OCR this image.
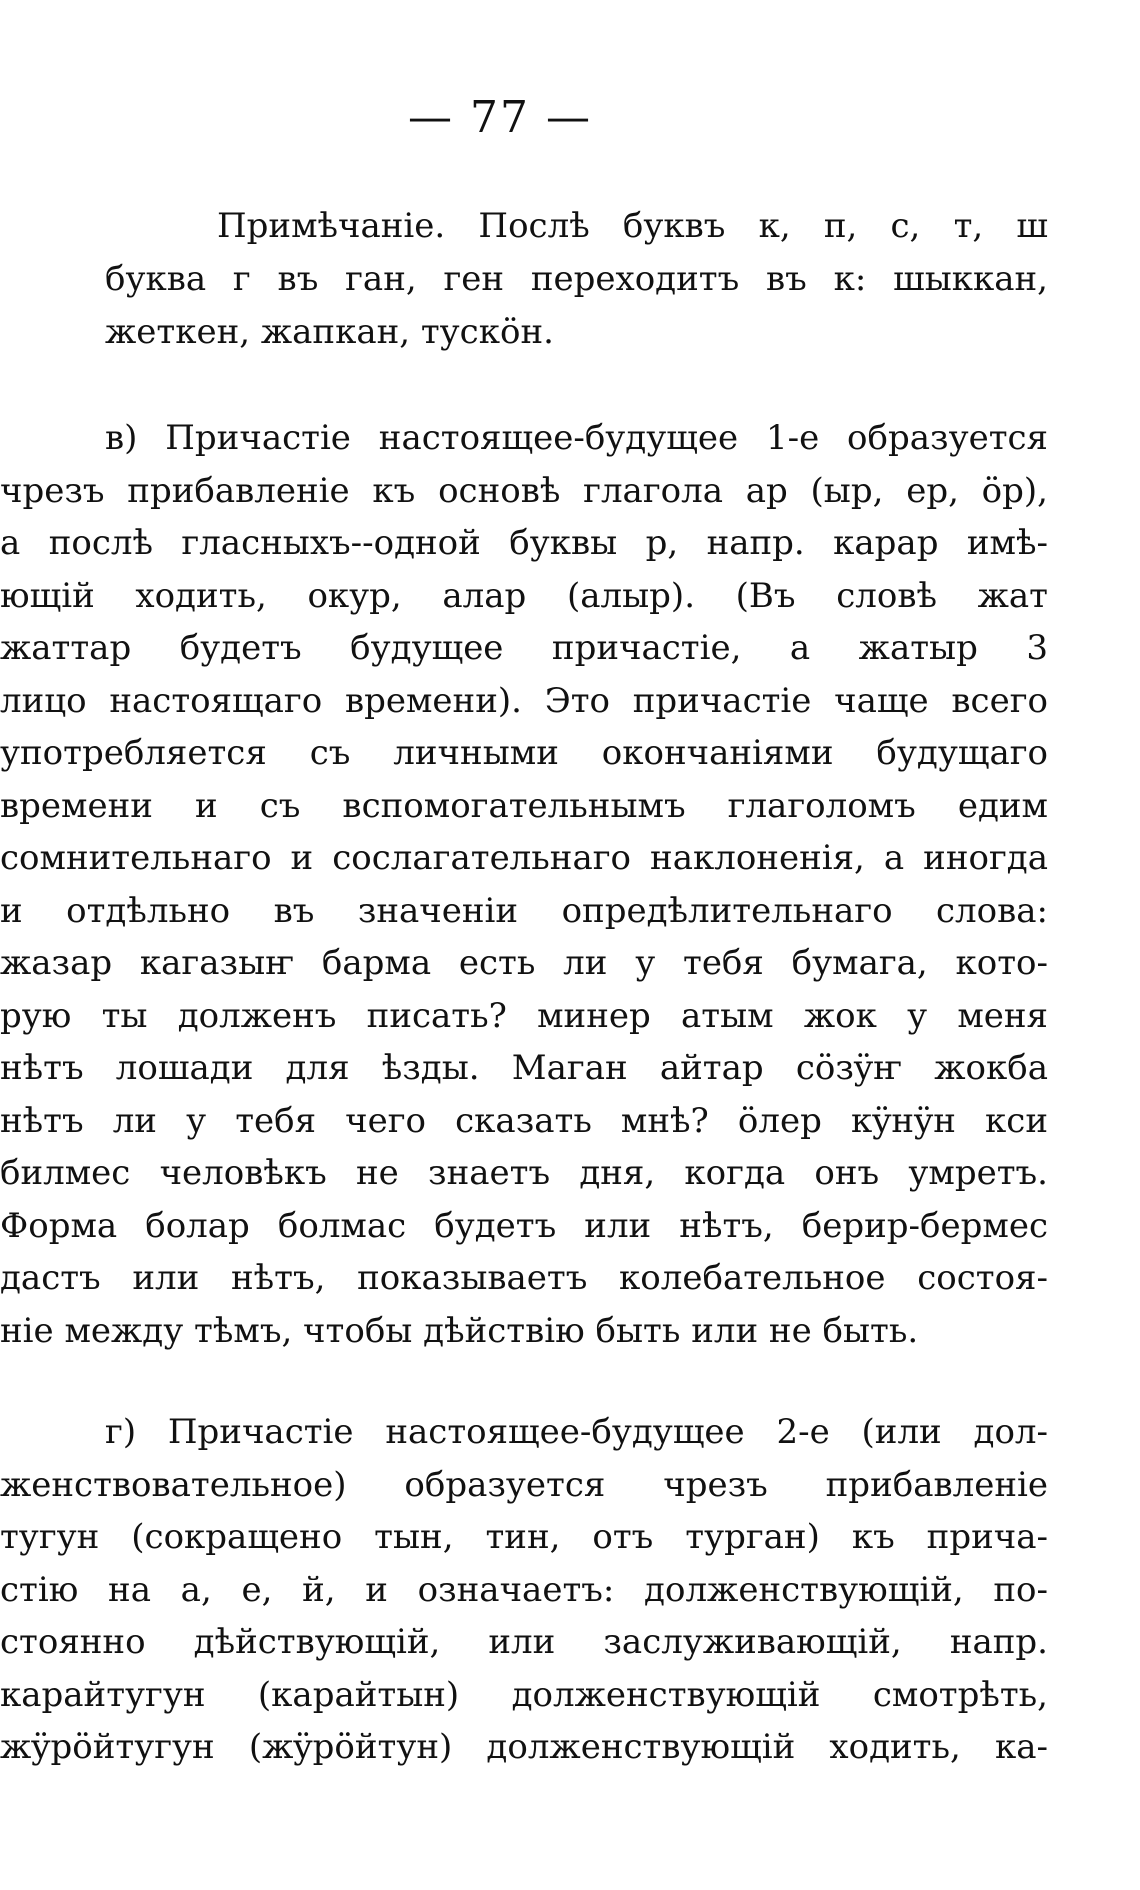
— 77 —
Примѣчаніе. Послѣ буквъ к, п, с, т, ш
буква г въ ган, ген переходитъ въ к: шыккан,
жеткен, жапкан, тускöн.
в) Причастіе настоящее-будущее 1-е образуется
чрезъ прибавленіе къ основѣ глагола ар (ыр, ер, öр),
а послѣ гласныхъ--одной буквы р, напр. карар имѣ-
ющій ходить, окур, алар (алыр). (Въ словѣ жат
жаттар будетъ будущее причастіе, а жатыр 3
лицо настоящаго времени). Это причастіе чаще всего
употребляется съ личными окончаніями будущаго
времени и съ вспомогательнымъ глаголомъ едим
сомнительнаго и сослагательнаго наклоненія, а иногда
и отдѣльно въ значеніи опредѣлительнаго слова:
жазар кагазыҥ барма есть ли у тебя бумага, кото-
рую ты долженъ писать? минер атым жок у меня
нѣтъ лошади для ѣзды. Маган айтар сöзÿҥ жокба
нѣтъ ли у тебя чего сказать мнѣ? öлер кÿнÿн кси
билмес человѣкъ не знаетъ дня, когда онъ умретъ.
Форма болар болмас будетъ или нѣтъ, берир-бермес
дастъ или нѣтъ, показываетъ колебательное состоя-
ніе между тѣмъ, чтобы дѣйствію быть или не быть.
г) Причастіе настоящее-будущее 2-е (или дол-
женствовательное) образуется чрезъ прибавленіе
тугун (сокращено тын, тин, отъ турган) къ прича-
стію на а, е, й, и означаетъ: долженствующій, по-
стоянно дѣйствующій, или заслуживающій, напр.
карайтугун (карайтын) долженствующій смотрѣть,
жÿрöйтугун (жÿрöйтун) долженствующій ходить, ка-
